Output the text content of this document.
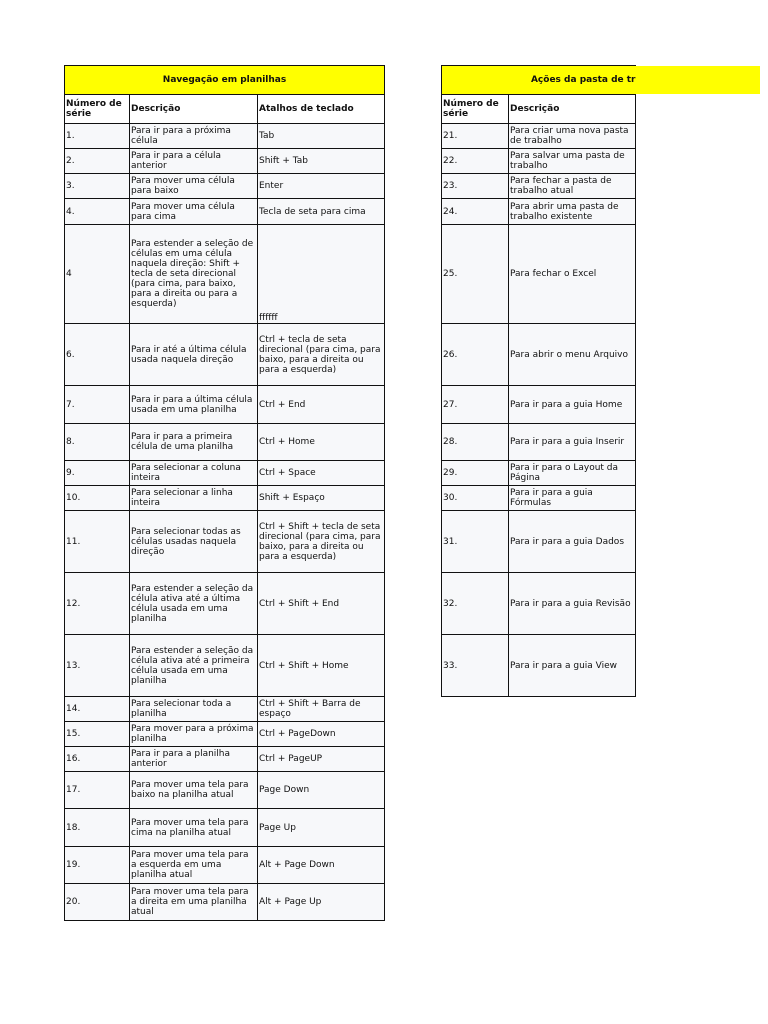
Navegação em planilhas		
Número de série	Descrição	Atalhos de teclado
1.	Para ir para a próxima célula	Tab
2.	Para ir para a célula anterior	Shift + Tab
3.	Para mover uma célula para baixo	Enter
4.	Para mover uma célula para cima	Tecla de seta para cima
4	Para estender a seleção de células em uma célula naquela direção: Shift + tecla de seta direcional (para cima, para baixo, para a direita ou para a esquerda)	ffffff
6.	Para ir até a última célula usada naquela direção	Ctrl + tecla de seta direcional (para cima, para baixo, para a direita ou para a esquerda)
7.	Para ir para a última célula usada em uma planilha	Ctrl + End
8.	Para ir para a primeira célula de uma planilha	Ctrl + Home
9.	Para selecionar a coluna inteira	Ctrl + Space
10.	Para selecionar a linha inteira	Shift + Espaço
11.	Para selecionar todas as células usadas naquela direção	Ctrl + Shift + tecla de seta direcional (para cima, para baixo, para a direita ou para a esquerda)
12.	Para estender a seleção da célula ativa até a última célula usada em uma planilha	Ctrl + Shift + End
13.	Para estender a seleção da célula ativa até a primeira célula usada em uma planilha	Ctrl + Shift + Home
14.	Para selecionar toda a planilha	Ctrl + Shift + Barra de espaço
15.	Para mover para a próxima planilha	Ctrl + PageDown
16.	Para ir para a planilha anterior	Ctrl + PageUP
17.	Para mover uma tela para baixo na planilha atual	Page Down
18.	Para mover uma tela para cima na planilha atual	Page Up
19.	Para mover uma tela para a esquerda em uma planilha atual	Alt + Page Down
20.	Para mover uma tela para a direita em uma planilha atual	Alt + Page Up
Ações da pasta de tr	
Número de série	Descrição
21.	Para criar uma nova pasta de trabalho
22.	Para salvar uma pasta de trabalho
23.	Para fechar a pasta de trabalho atual
24.	Para abrir uma pasta de trabalho existente
25.	Para fechar o Excel
26.	Para abrir o menu Arquivo
27.	Para ir para a guia Home
28.	Para ir para a guia Inserir
29.	Para ir para o Layout da Página
30.	Para ir para a guia Fórmulas
31.	Para ir para a guia Dados
32.	Para ir para a guia Revisão
33.	Para ir para a guia View
